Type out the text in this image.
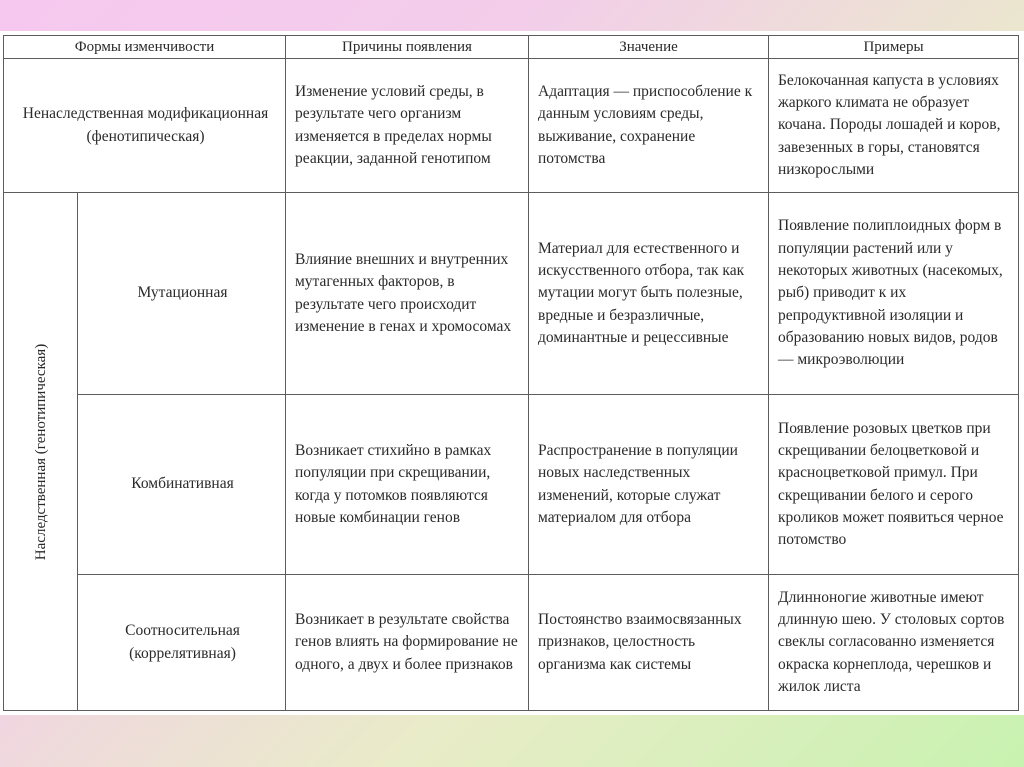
Формы изменчивости		Причины появления	Значение	Примеры
Ненаследственная модификационная (фенотипическая)		Изменение условий среды, в результате чего организм изменяется в пределах нормы реакции, заданной генотипом	Адаптация — приспособление к данным условиям среды, выживание, сохранение потомства	Белокочанная капуста в условиях жаркого климата не образует кочана. Породы лошадей и коров, завезенных в горы, становятся низкорослыми

Наследственная (генотипическая)	Мутационная	Влияние внешних и внутренних мутагенных факторов, в результате чего происходит изменение в генах и хромосомах	Материал для естественного и искусственного отбора, так как мутации могут быть полезные, вредные и безразличные, доминантные и рецессивные	Появление полиплоидных форм в популяции растений или у некоторых животных (насекомых, рыб) приводит к их репродуктивной изоляции и образованию новых видов, родов — микроэволюции
	Комбинативная	Возникает стихийно в рамках популяции при скрещивании, когда у потомков появляются новые комбинации генов	Распространение в популяции новых наследственных изменений, которые служат материалом для отбора	Появление розовых цветков при скрещивании белоцветковой и красноцветковой примул. При скрещивании белого и серого кроликов может появиться черное потомство
	Соотносительная (коррелятивная)	Возникает в результате свойства генов влиять на формирование не одного, а двух и более признаков	Постоянство взаимосвязанных признаков, целостность организма как системы	Длинноногие животные имеют длинную шею. У столовых сортов свеклы согласованно изменяется окраска корнеплода, черешков и жилок листа
